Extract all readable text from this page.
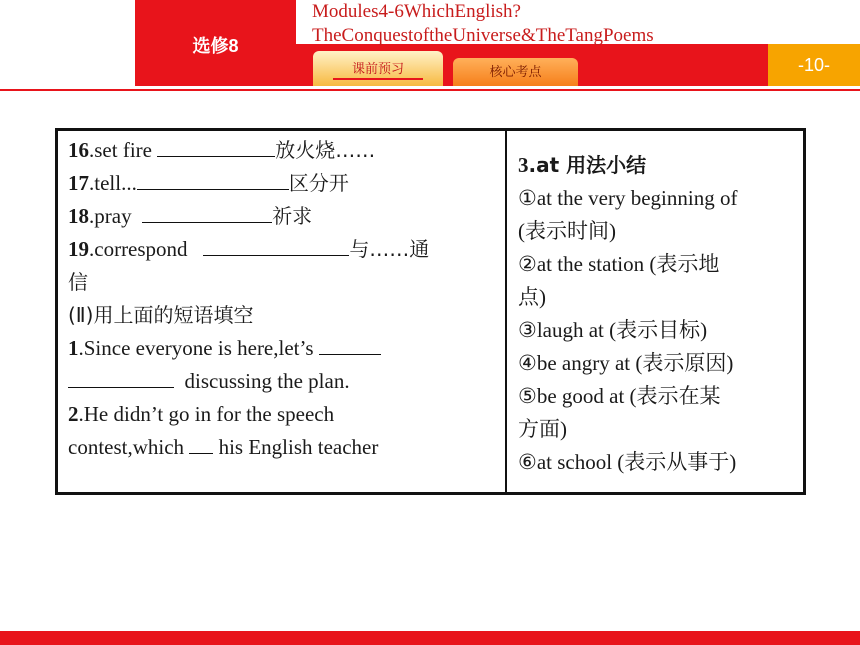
选修8
Modules4-6WhichEnglish?
TheConquestoftheUniverse&TheTangPoems
课前预习	核心考点	-10-

16.set fire	放火烧……

17.tell...	区分开

18.pray	祈求

19.correspond	与……通

信

(Ⅱ)用上面的短语填空

1.Since everyone is here,let’s

discussing the plan.

2.He didn’t go in for the speech

contest,which his English teacher

3.at 用法小结

①at the very beginning of

(表示时间)

②at the station (表示地

点)

③laugh at (表示目标)

④be angry at (表示原因)

⑤be good at (表示在某

方面)

⑥at school (表示从事于)
